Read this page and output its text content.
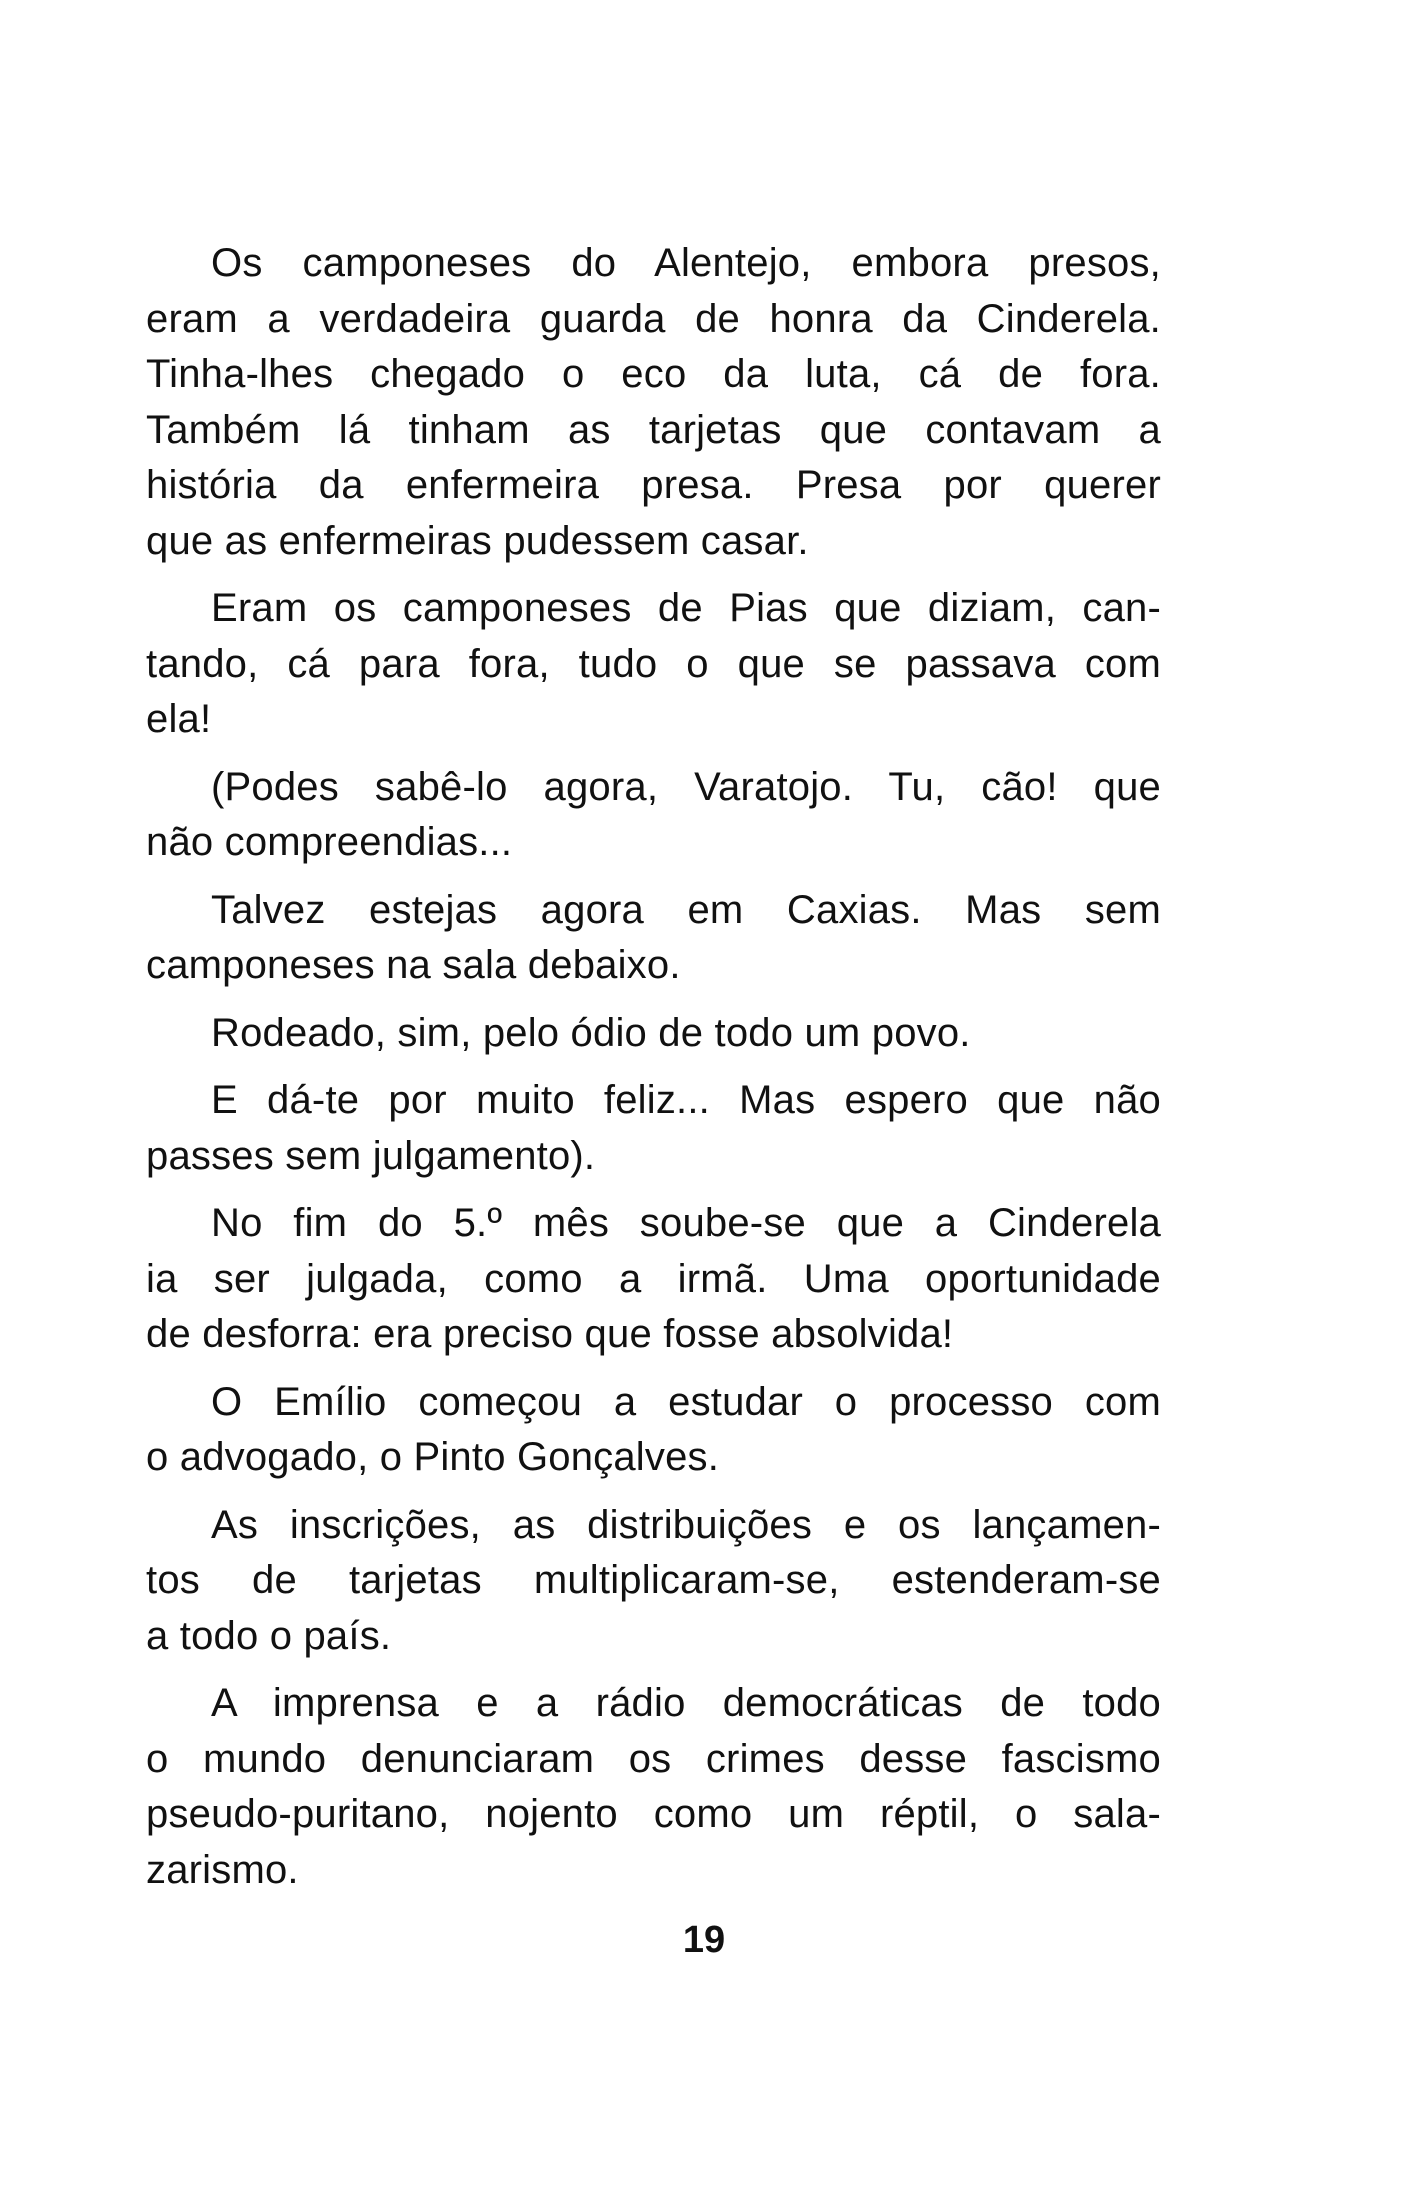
Os camponeses do Alentejo, embora presos,
eram a verdadeira guarda de honra da Cinderela.
Tinha-lhes chegado o eco da luta, cá de fora.
Também lá tinham as tarjetas que contavam a
história da enfermeira presa. Presa por querer
que as enfermeiras pudessem casar.
Eram os camponeses de Pias que diziam, can-
tando, cá para fora, tudo o que se passava com
ela!
(Podes sabê-lo agora, Varatojo. Tu, cão! que
não compreendias...
Talvez estejas agora em Caxias. Mas sem
camponeses na sala debaixo.
Rodeado, sim, pelo ódio de todo um povo.
E dá-te por muito feliz... Mas espero que não
passes sem julgamento).
No fim do 5.º mês soube-se que a Cinderela
ia ser julgada, como a irmã. Uma oportunidade
de desforra: era preciso que fosse absolvida!
O Emílio começou a estudar o processo com
o advogado, o Pinto Gonçalves.
As inscrições, as distribuições e os lançamen-
tos de tarjetas multiplicaram-se, estenderam-se
a todo o país.
A imprensa e a rádio democráticas de todo
o mundo denunciaram os crimes desse fascismo
pseudo-puritano, nojento como um réptil, o sala-
zarismo.
19
